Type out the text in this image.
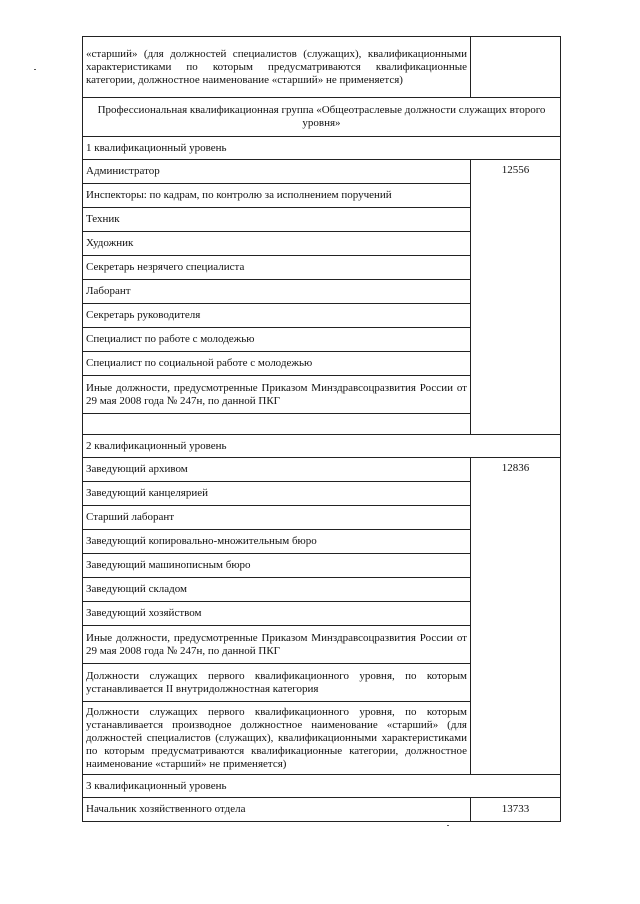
«старший» (для должностей специалистов (служащих), квалификационными характеристиками по которым предусматриваются квалификационные категории, должностное наименование «старший» не применяется)	
Профессиональная квалификационная группа «Общеотраслевые должности служащих второго уровня»	
1 квалификационный уровень	
Администратор	12556
Инспекторы: по кадрам, по контролю за исполнением поручений	
Техник	
Художник	
Секретарь незрячего специалиста	
Лаборант	
Секретарь руководителя	
Специалист по работе с молодежью	
Специалист по социальной работе с молодежью	
Иные должности, предусмотренные Приказом Минздравсоцразвития России от 29 мая 2008 года № 247н, по данной ПКГ	

2 квалификационный уровень	
Заведующий архивом	12836
Заведующий канцелярией	
Старший лаборант	
Заведующий копировально-множительным бюро	
Заведующий машинописным бюро	
Заведующий складом	
Заведующий хозяйством	
Иные должности, предусмотренные Приказом Минздравсоцразвития России от 29 мая 2008 года № 247н, по данной ПКГ	
Должности служащих первого квалификационного уровня, по которым устанавливается II внутридолжностная категория	
Должности служащих первого квалификационного уровня, по которым устанавливается производное должностное наименование «старший» (для должностей специалистов (служащих), квалификационными характеристиками по которым предусматриваются квалификационные категории, должностное наименование «старший» не применяется)	
3 квалификационный уровень	
Начальник хозяйственного отдела	13733
